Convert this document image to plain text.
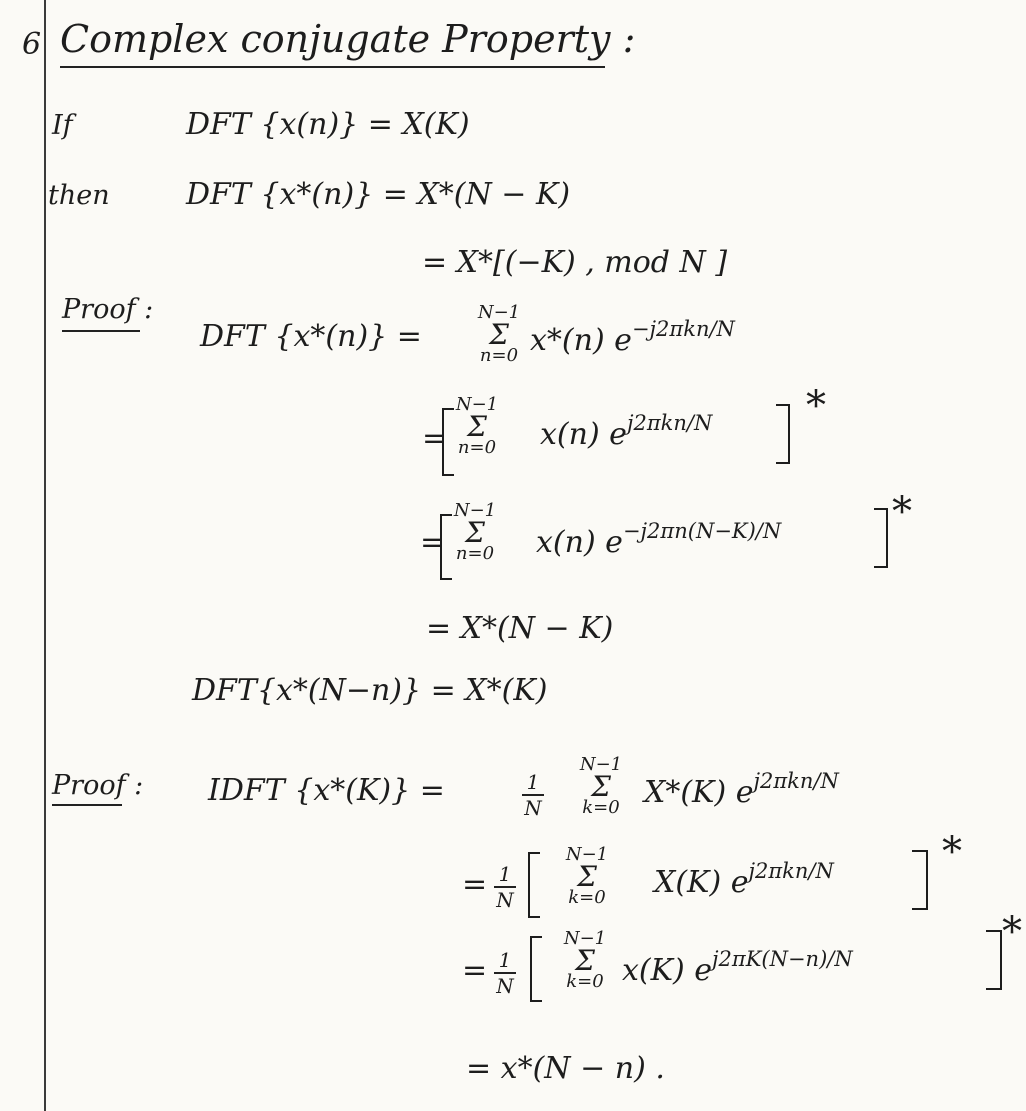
6 Complex conjugate Property :
If	DFT {x(n)} = X(K)
then	DFT {x*(n)} = X*(N − K)
= X*[(−K) , mod N ]
Proof :
DFT {x*(n)} =
N−1
Σ
n=0 x*(n) $e^{-j2\pi kn/N}$
=
N−1
Σ
n=0 x(n) $e^{j2\pi kn/N}$ *
=
N−1
Σ
n=0 x(n) $e^{-j2\pi n(N-K)/N}$	*
= X*(N − K)
DFT{x*(N−n)} = X*(K)
Proof : IDFT {x*(K)} =	1
N
N−1
Σ
k=0 X*(K) $e^{j2\pi kn/N}$
= 1
N
N−1
Σ
k=0 X(K) $e^{j2\pi kn/N}$	*
= 1
N
N−1
Σ
k=0 x(K) $e^{j2\pi K(N-n)/N}$
*
= x*(N − n) .
